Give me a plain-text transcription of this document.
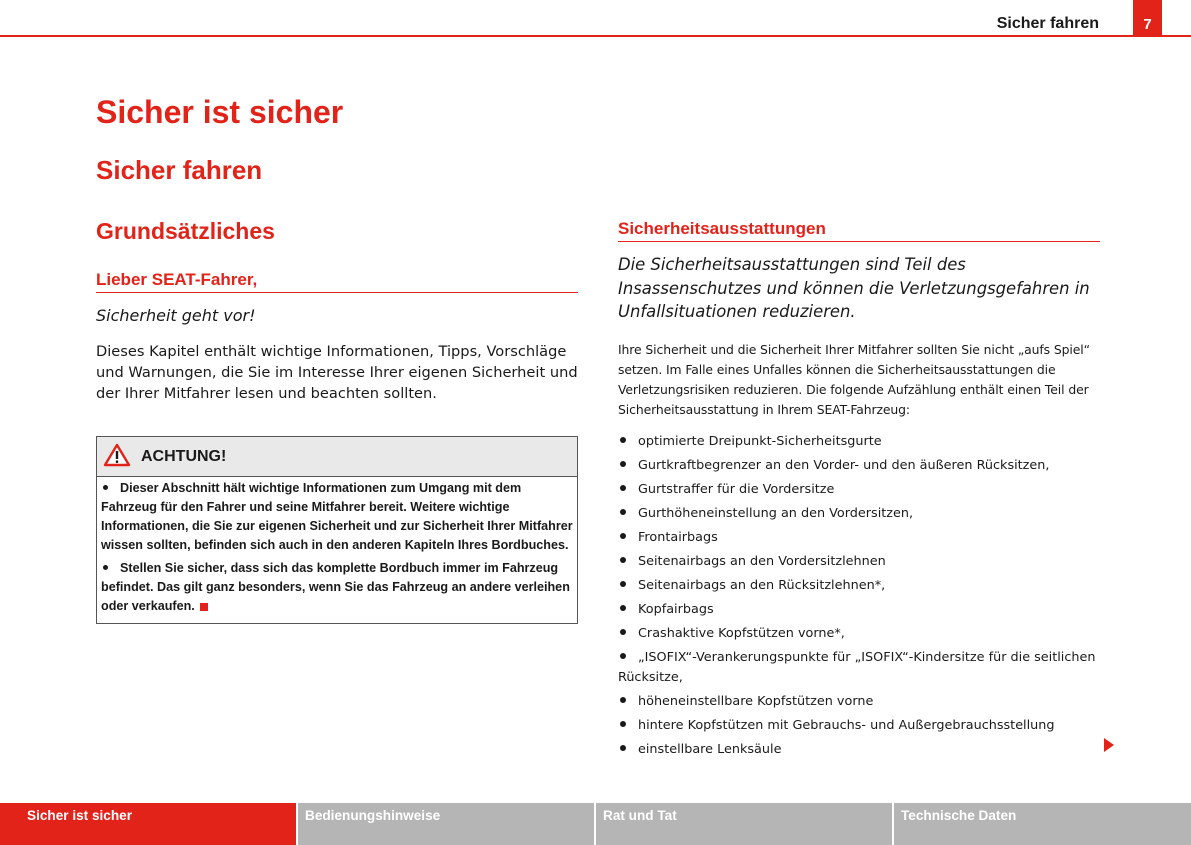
Sicher fahren	7
Sicher ist sicher
Sicher fahren
Grundsätzliches
Lieber SEAT-Fahrer,
Sicherheit geht vor!
Dieses Kapitel enthält wichtige Informationen, Tipps, Vorschläge und Warnungen, die Sie im Interesse Ihrer eigenen Sicherheit und der Ihrer Mitfahrer lesen und beachten sollten.
ACHTUNG!

Dieser Abschnitt hält wichtige Informationen zum Umgang mit dem Fahrzeug für den Fahrer und seine Mitfahrer bereit. Weitere wichtige Informationen, die Sie zur eigenen Sicherheit und zur Sicherheit Ihrer Mitfahrer wissen sollten, befinden sich auch in den anderen Kapiteln Ihres Bordbuches.

Stellen Sie sicher, dass sich das komplette Bordbuch immer im Fahrzeug befindet. Das gilt ganz besonders, wenn Sie das Fahrzeug an andere verleihen oder verkaufen.

Sicherheitsausstattungen
Die Sicherheitsausstattungen sind Teil des Insassenschutzes und können die Verletzungsgefahren in Unfallsituationen reduzieren.
Ihre Sicherheit und die Sicherheit Ihrer Mitfahrer sollten Sie nicht „aufs Spiel“ setzen. Im Falle eines Unfalles können die Sicherheitsausstattungen die Verletzungsrisiken reduzieren. Die folgende Aufzählung enthält einen Teil der Sicherheitsausstattung in Ihrem SEAT-Fahrzeug:
optimierte Dreipunkt-Sicherheitsgurte
Gurtkraftbegrenzer an den Vorder- und den äußeren Rücksitzen,
Gurtstraffer für die Vordersitze
Gurthöheneinstellung an den Vordersitzen,
Frontairbags
Seitenairbags an den Vordersitzlehnen
Seitenairbags an den Rücksitzlehnen*,
Kopfairbags
Crashaktive Kopfstützen vorne*,
„ISOFIX“-Verankerungspunkte für „ISOFIX“-Kindersitze für die seitlichen Rücksitze,
höheneinstellbare Kopfstützen vorne
hintere Kopfstützen mit Gebrauchs- und Außergebrauchsstellung
einstellbare Lenksäule
Sicher ist sicher	Bedienungshinweise	Rat und Tat	Technische Daten
